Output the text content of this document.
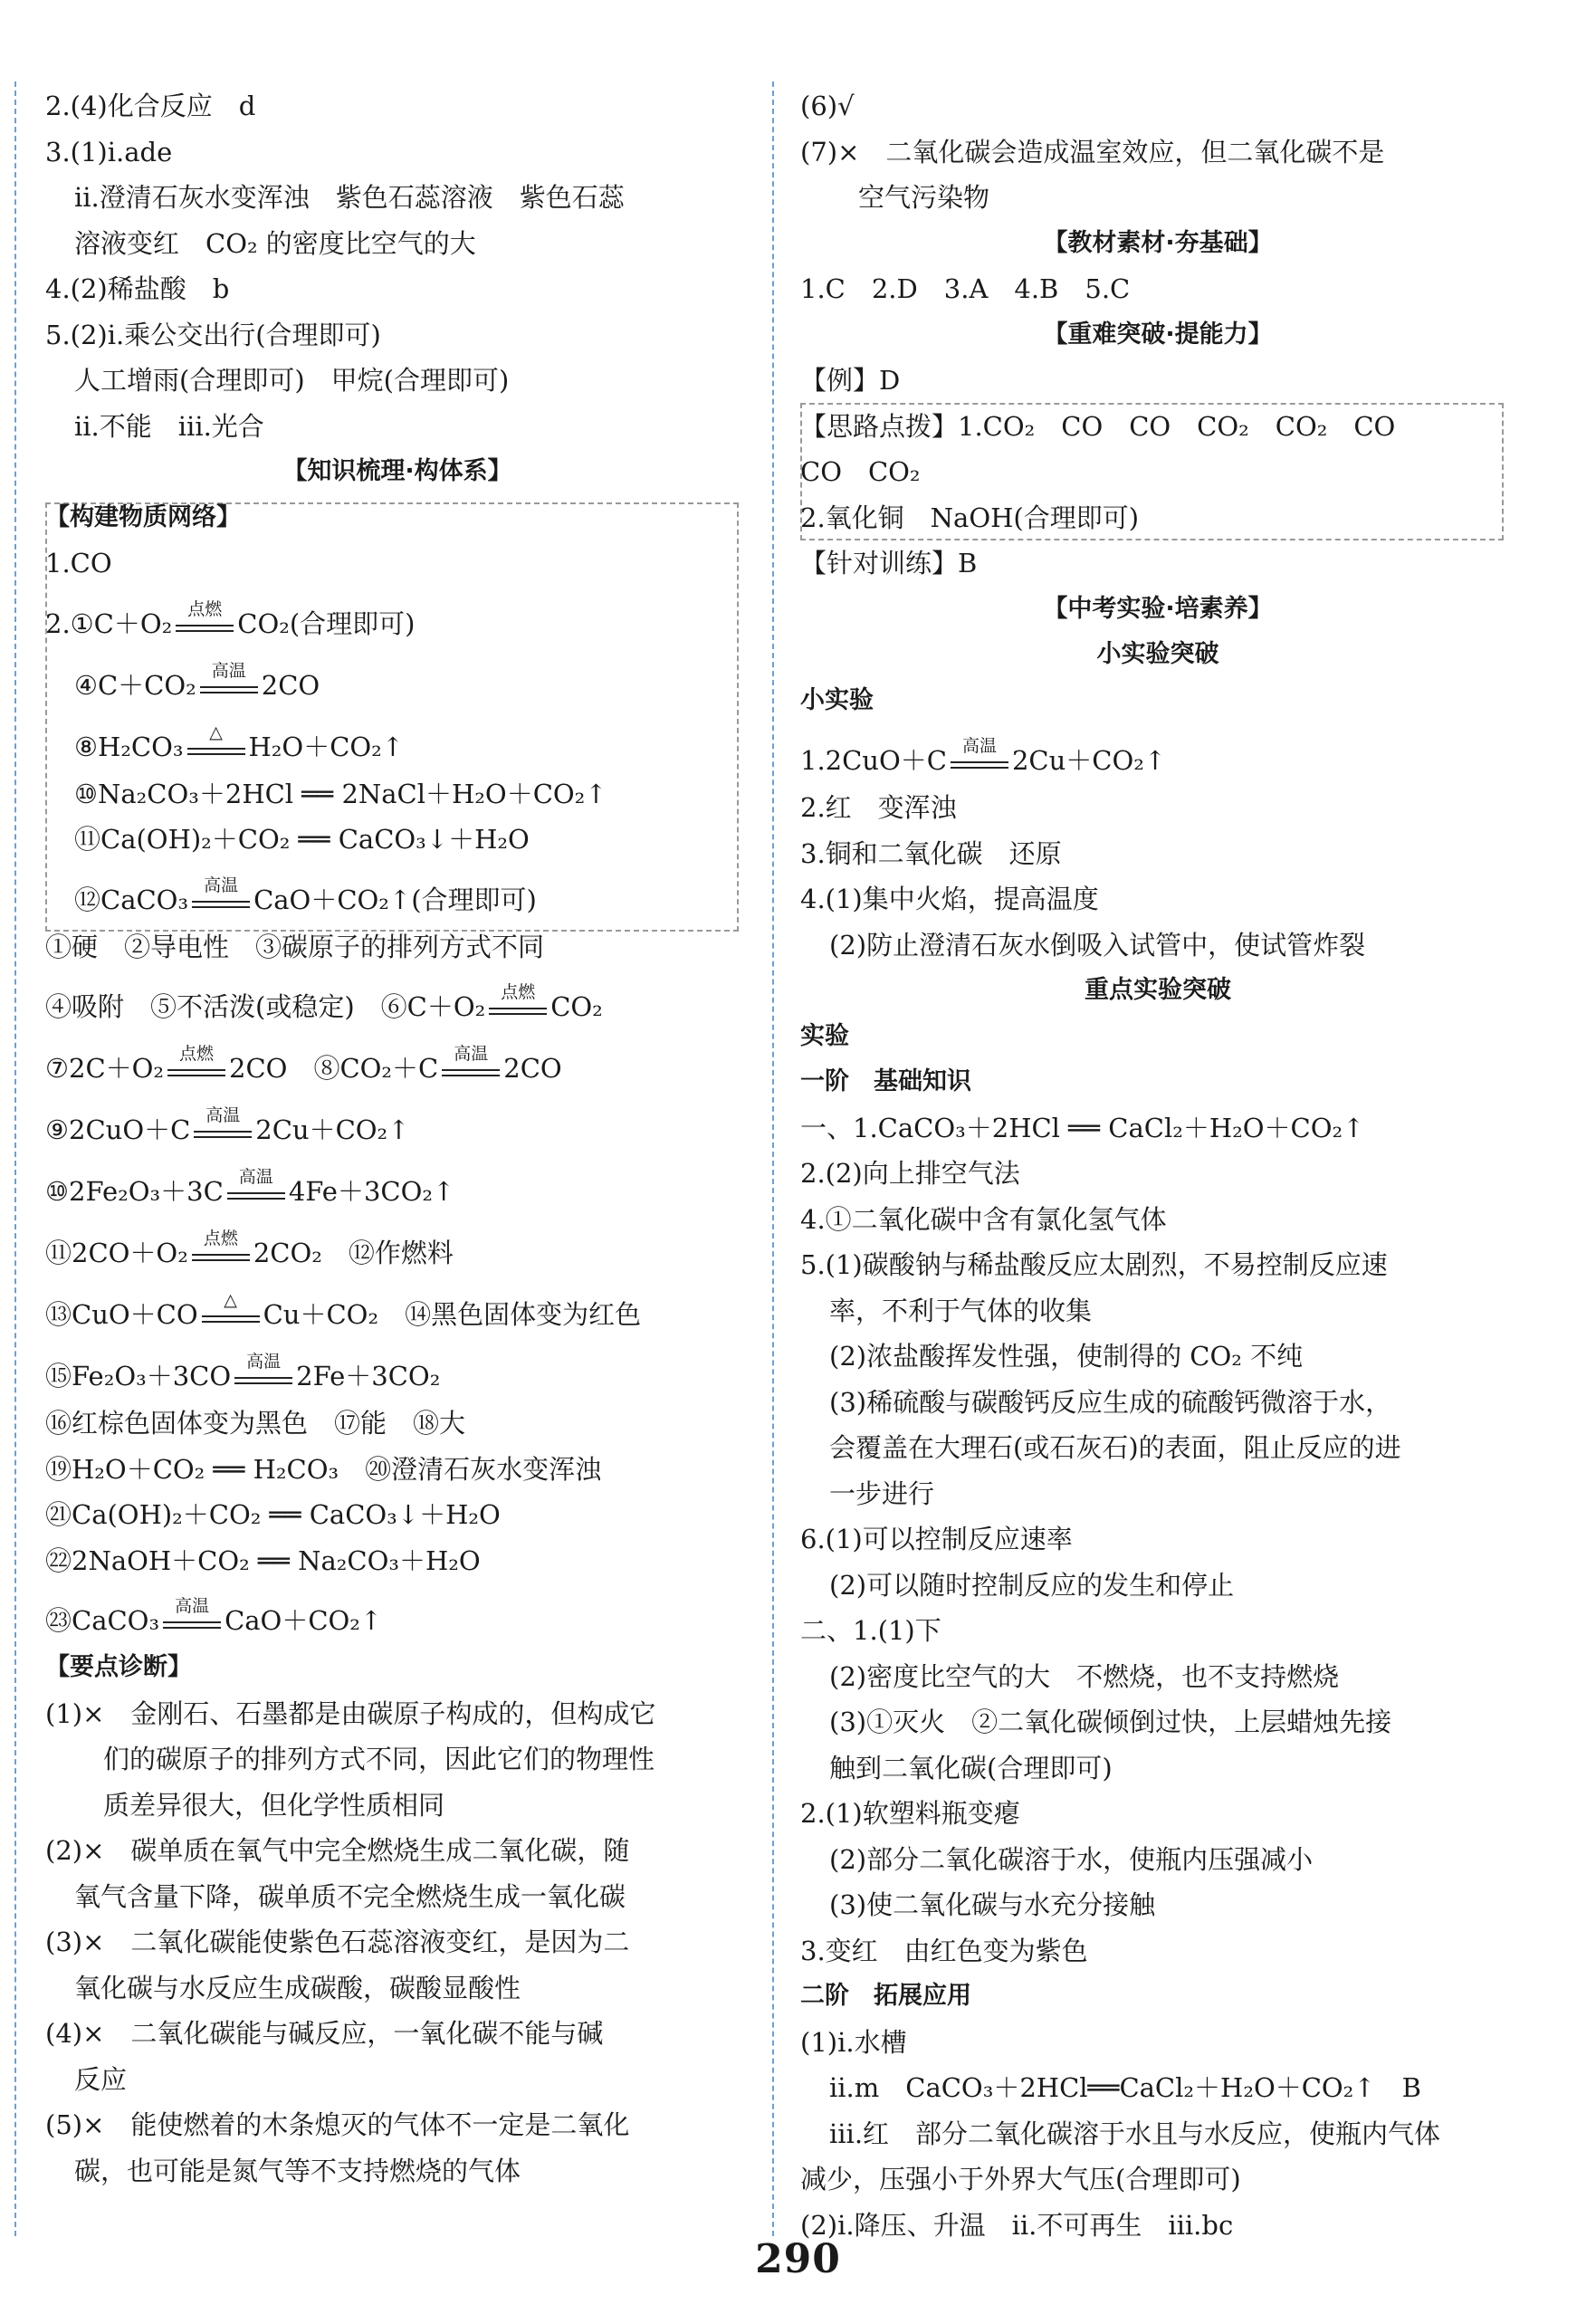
2.(4)化合反应　d
3.(1)ⅰ.ade
ⅱ.澄清石灰水变浑浊　紫色石蕊溶液　紫色石蕊
溶液变红　CO₂ 的密度比空气的大
4.(2)稀盐酸　b
5.(2)ⅰ.乘公交出行(合理即可)
人工增雨(合理即可)　甲烷(合理即可)
ⅱ.不能　ⅲ.光合
【知识梳理·构体系】
【构建物质网络】
1.CO
2.①C＋O₂ 点燃 CO₂(合理即可)
④C＋CO₂ 高温 2CO
⑧H₂CO₃	△ H₂O＋CO₂↑
⑩Na₂CO₃＋2HCl ══ 2NaCl＋H₂O＋CO₂↑
⑪Ca(OH)₂＋CO₂ ══ CaCO₃↓＋H₂O
⑫CaCO₃ 高温 CaO＋CO₂↑(合理即可)
①硬　②导电性　③碳原子的排列方式不同
④吸附　⑤不活泼(或稳定)　⑥C＋O₂ 点燃 CO₂
⑦2C＋O₂ 点燃 2CO　⑧CO₂＋C 高温 2CO
⑨2CuO＋C 高温 2Cu＋CO₂↑
⑩2Fe₂O₃＋3C 高温 4Fe＋3CO₂↑
⑪2CO＋O₂ 点燃 2CO₂　⑫作燃料
⑬CuO＋CO	△ Cu＋CO₂　⑭黑色固体变为红色
⑮Fe₂O₃＋3CO 高温 2Fe＋3CO₂
⑯红棕色固体变为黑色　⑰能　⑱大
⑲H₂O＋CO₂ ══ H₂CO₃　⑳澄清石灰水变浑浊
㉑Ca(OH)₂＋CO₂ ══ CaCO₃↓＋H₂O
㉒2NaOH＋CO₂ ══ Na₂CO₃＋H₂O
㉓CaCO₃ 高温 CaO＋CO₂↑
【要点诊断】
(1)×　金刚石、石墨都是由碳原子构成的，但构成它
们的碳原子的排列方式不同，因此它们的物理性
质差异很大，但化学性质相同
(2)×　碳单质在氧气中完全燃烧生成二氧化碳，随
氧气含量下降，碳单质不完全燃烧生成一氧化碳
(3)×　二氧化碳能使紫色石蕊溶液变红，是因为二
氧化碳与水反应生成碳酸，碳酸显酸性
(4)×　二氧化碳能与碱反应，一氧化碳不能与碱
反应
(5)×　能使燃着的木条熄灭的气体不一定是二氧化
碳，也可能是氮气等不支持燃烧的气体
(6)√
(7)×　二氧化碳会造成温室效应，但二氧化碳不是
空气污染物
【教材素材·夯基础】
1.C　2.D　3.A　4.B　5.C
【重难突破·提能力】
【例】D
【思路点拨】1.CO₂　CO　CO　CO₂　CO₂　CO
CO　CO₂
2.氧化铜　NaOH(合理即可)
【针对训练】B
【中考实验·培素养】
小实验突破
小实验
1.2CuO＋C 高温 2Cu＋CO₂↑
2.红　变浑浊
3.铜和二氧化碳　还原
4.(1)集中火焰，提高温度
(2)防止澄清石灰水倒吸入试管中，使试管炸裂
重点实验突破
实验
一阶　基础知识
一、1.CaCO₃＋2HCl ══ CaCl₂＋H₂O＋CO₂↑
2.(2)向上排空气法
4.①二氧化碳中含有氯化氢气体
5.(1)碳酸钠与稀盐酸反应太剧烈，不易控制反应速
率，不利于气体的收集
(2)浓盐酸挥发性强，使制得的 CO₂ 不纯
(3)稀硫酸与碳酸钙反应生成的硫酸钙微溶于水，
会覆盖在大理石(或石灰石)的表面，阻止反应的进
一步进行
6.(1)可以控制反应速率
(2)可以随时控制反应的发生和停止
二、1.(1)下
(2)密度比空气的大　不燃烧，也不支持燃烧
(3)①灭火　②二氧化碳倾倒过快，上层蜡烛先接
触到二氧化碳(合理即可)
2.(1)软塑料瓶变瘪
(2)部分二氧化碳溶于水，使瓶内压强减小
(3)使二氧化碳与水充分接触
3.变红　由红色变为紫色
二阶　拓展应用
(1)ⅰ.水槽
ⅱ.m　CaCO₃＋2HCl══CaCl₂＋H₂O＋CO₂↑　B
ⅲ.红　部分二氧化碳溶于水且与水反应，使瓶内气体
减少，压强小于外界大气压(合理即可)
(2)ⅰ.降压、升温　ⅱ.不可再生　ⅲ.bc
290
